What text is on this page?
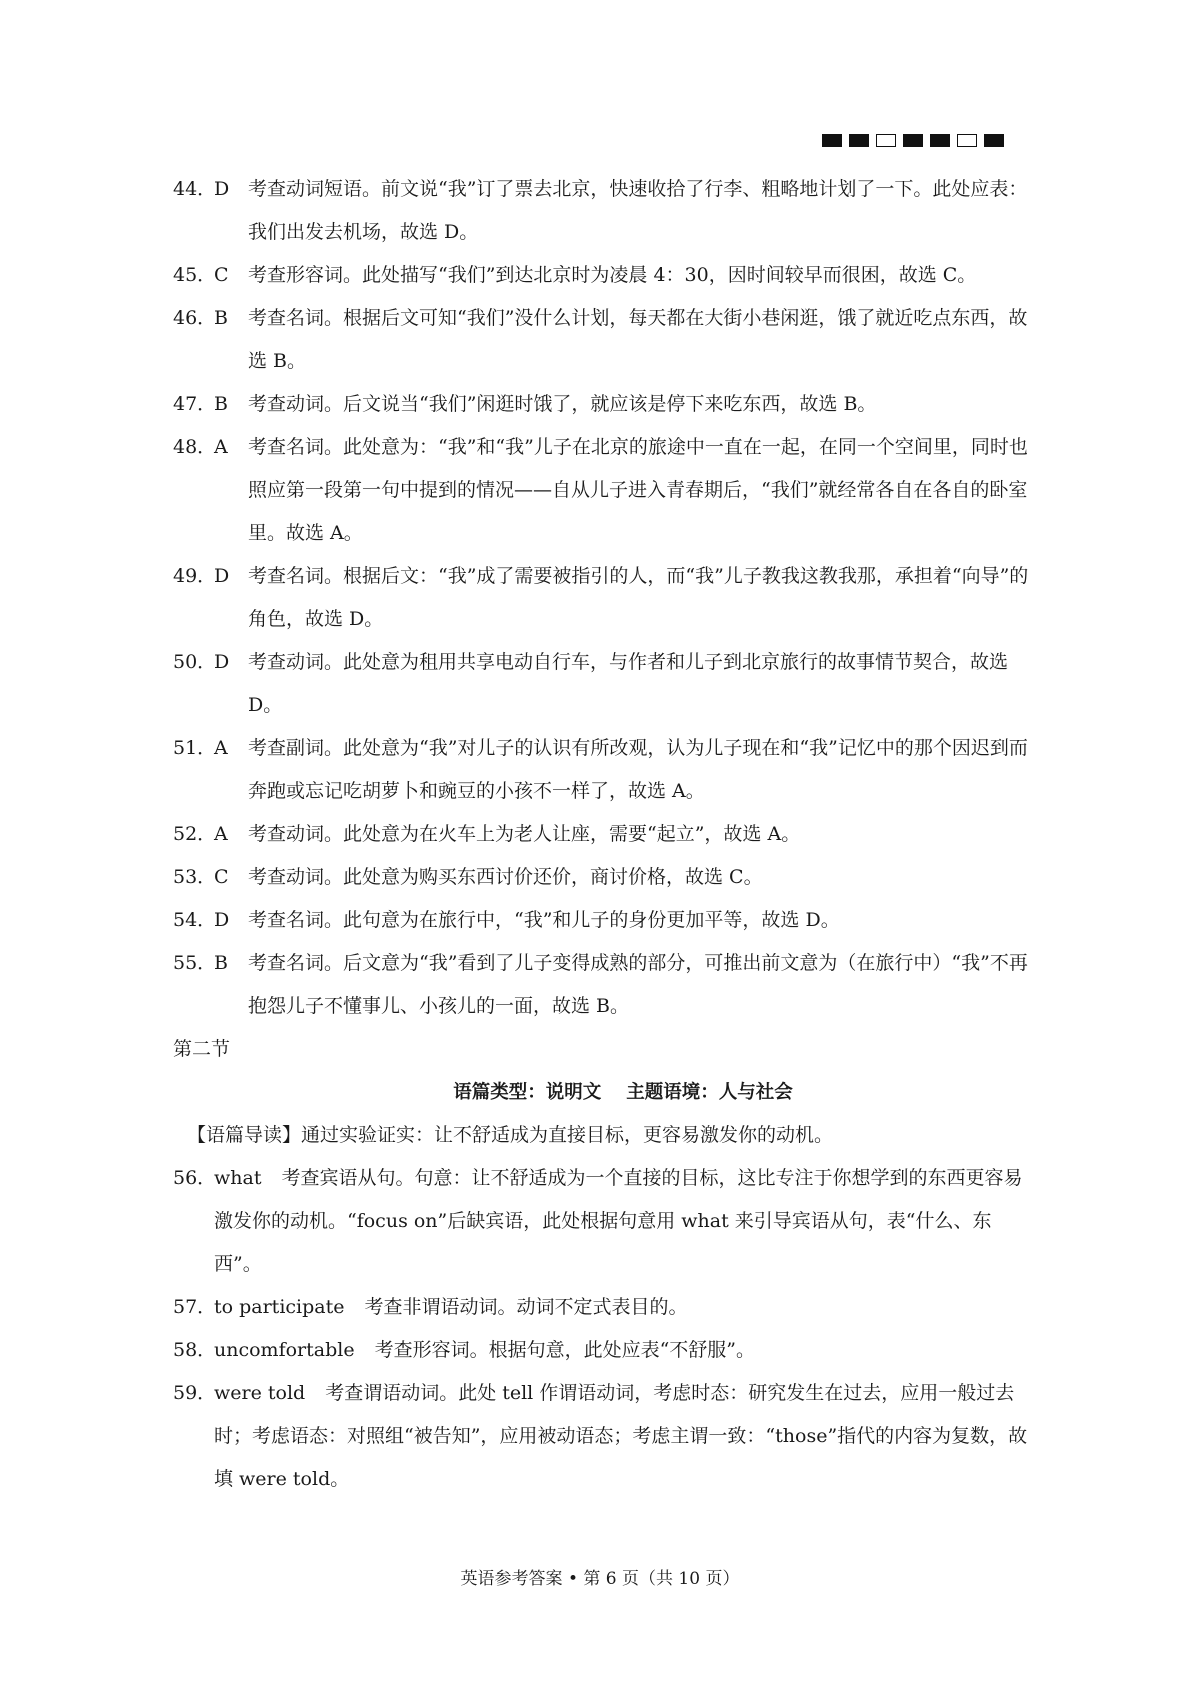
44．
D 考查动词短语。前文说“我”订了票去北京，快速收拾了行李、粗略地计划了一下。此处应表：我们出发去机场，故选 D。
45．
C	考查形容词。此处描写“我们”到达北京时为凌晨 4：30，因时间较早而很困，故选 C。
46．
B	考查名词。根据后文可知“我们”没什么计划，每天都在大街小巷闲逛，饿了就近吃点东西，故选 B。
47．
B	考查动词。后文说当“我们”闲逛时饿了，就应该是停下来吃东西，故选 B。
48．
A	考查名词。此处意为：“我”和“我”儿子在北京的旅途中一直在一起，在同一个空间里，同时也照应第一段第一句中提到的情况——自从儿子进入青春期后，“我们”就经常各自在各自的卧室里。故选 A。
49．
D 考查名词。根据后文：“我”成了需要被指引的人，而“我”儿子教我这教我那，承担着“向导”的角色，故选 D。
50．
D 考查动词。此处意为租用共享电动自行车，与作者和儿子到北京旅行的故事情节契合，故选 D。
51．
A	考查副词。此处意为“我”对儿子的认识有所改观，认为儿子现在和“我”记忆中的那个因迟到而奔跑或忘记吃胡萝卜和豌豆的小孩不一样了，故选 A。
52．
A	考查动词。此处意为在火车上为老人让座，需要“起立”，故选 A。
53．
C	考查动词。此处意为购买东西讨价还价，商讨价格，故选 C。
54．
D 考查名词。此句意为在旅行中，“我”和儿子的身份更加平等，故选 D。
55．
B	考查名词。后文意为“我”看到了儿子变得成熟的部分，可推出前文意为（在旅行中）“我”不再抱怨儿子不懂事儿、小孩儿的一面，故选 B。
第二节
语篇类型：说明文　 主题语境：人与社会
【语篇导读】通过实验证实：让不舒适成为直接目标，更容易激发你的动机。
56．
what 考查宾语从句。句意：让不舒适成为一个直接的目标，这比专注于你想学到的东西更容易激发你的动机。“focus on”后缺宾语，此处根据句意用 what 来引导宾语从句，表“什么、东西”。
57．
to participate 考查非谓语动词。动词不定式表目的。
58．
uncomfortable 考查形容词。根据句意，此处应表“不舒服”。
59．
were told 考查谓语动词。此处 tell 作谓语动词，考虑时态：研究发生在过去，应用一般过去时；考虑语态：对照组“被告知”，应用被动语态；考虑主谓一致：“those”指代的内容为复数，故填 were told。
英语参考答案 • 第 6 页（共 10 页）
